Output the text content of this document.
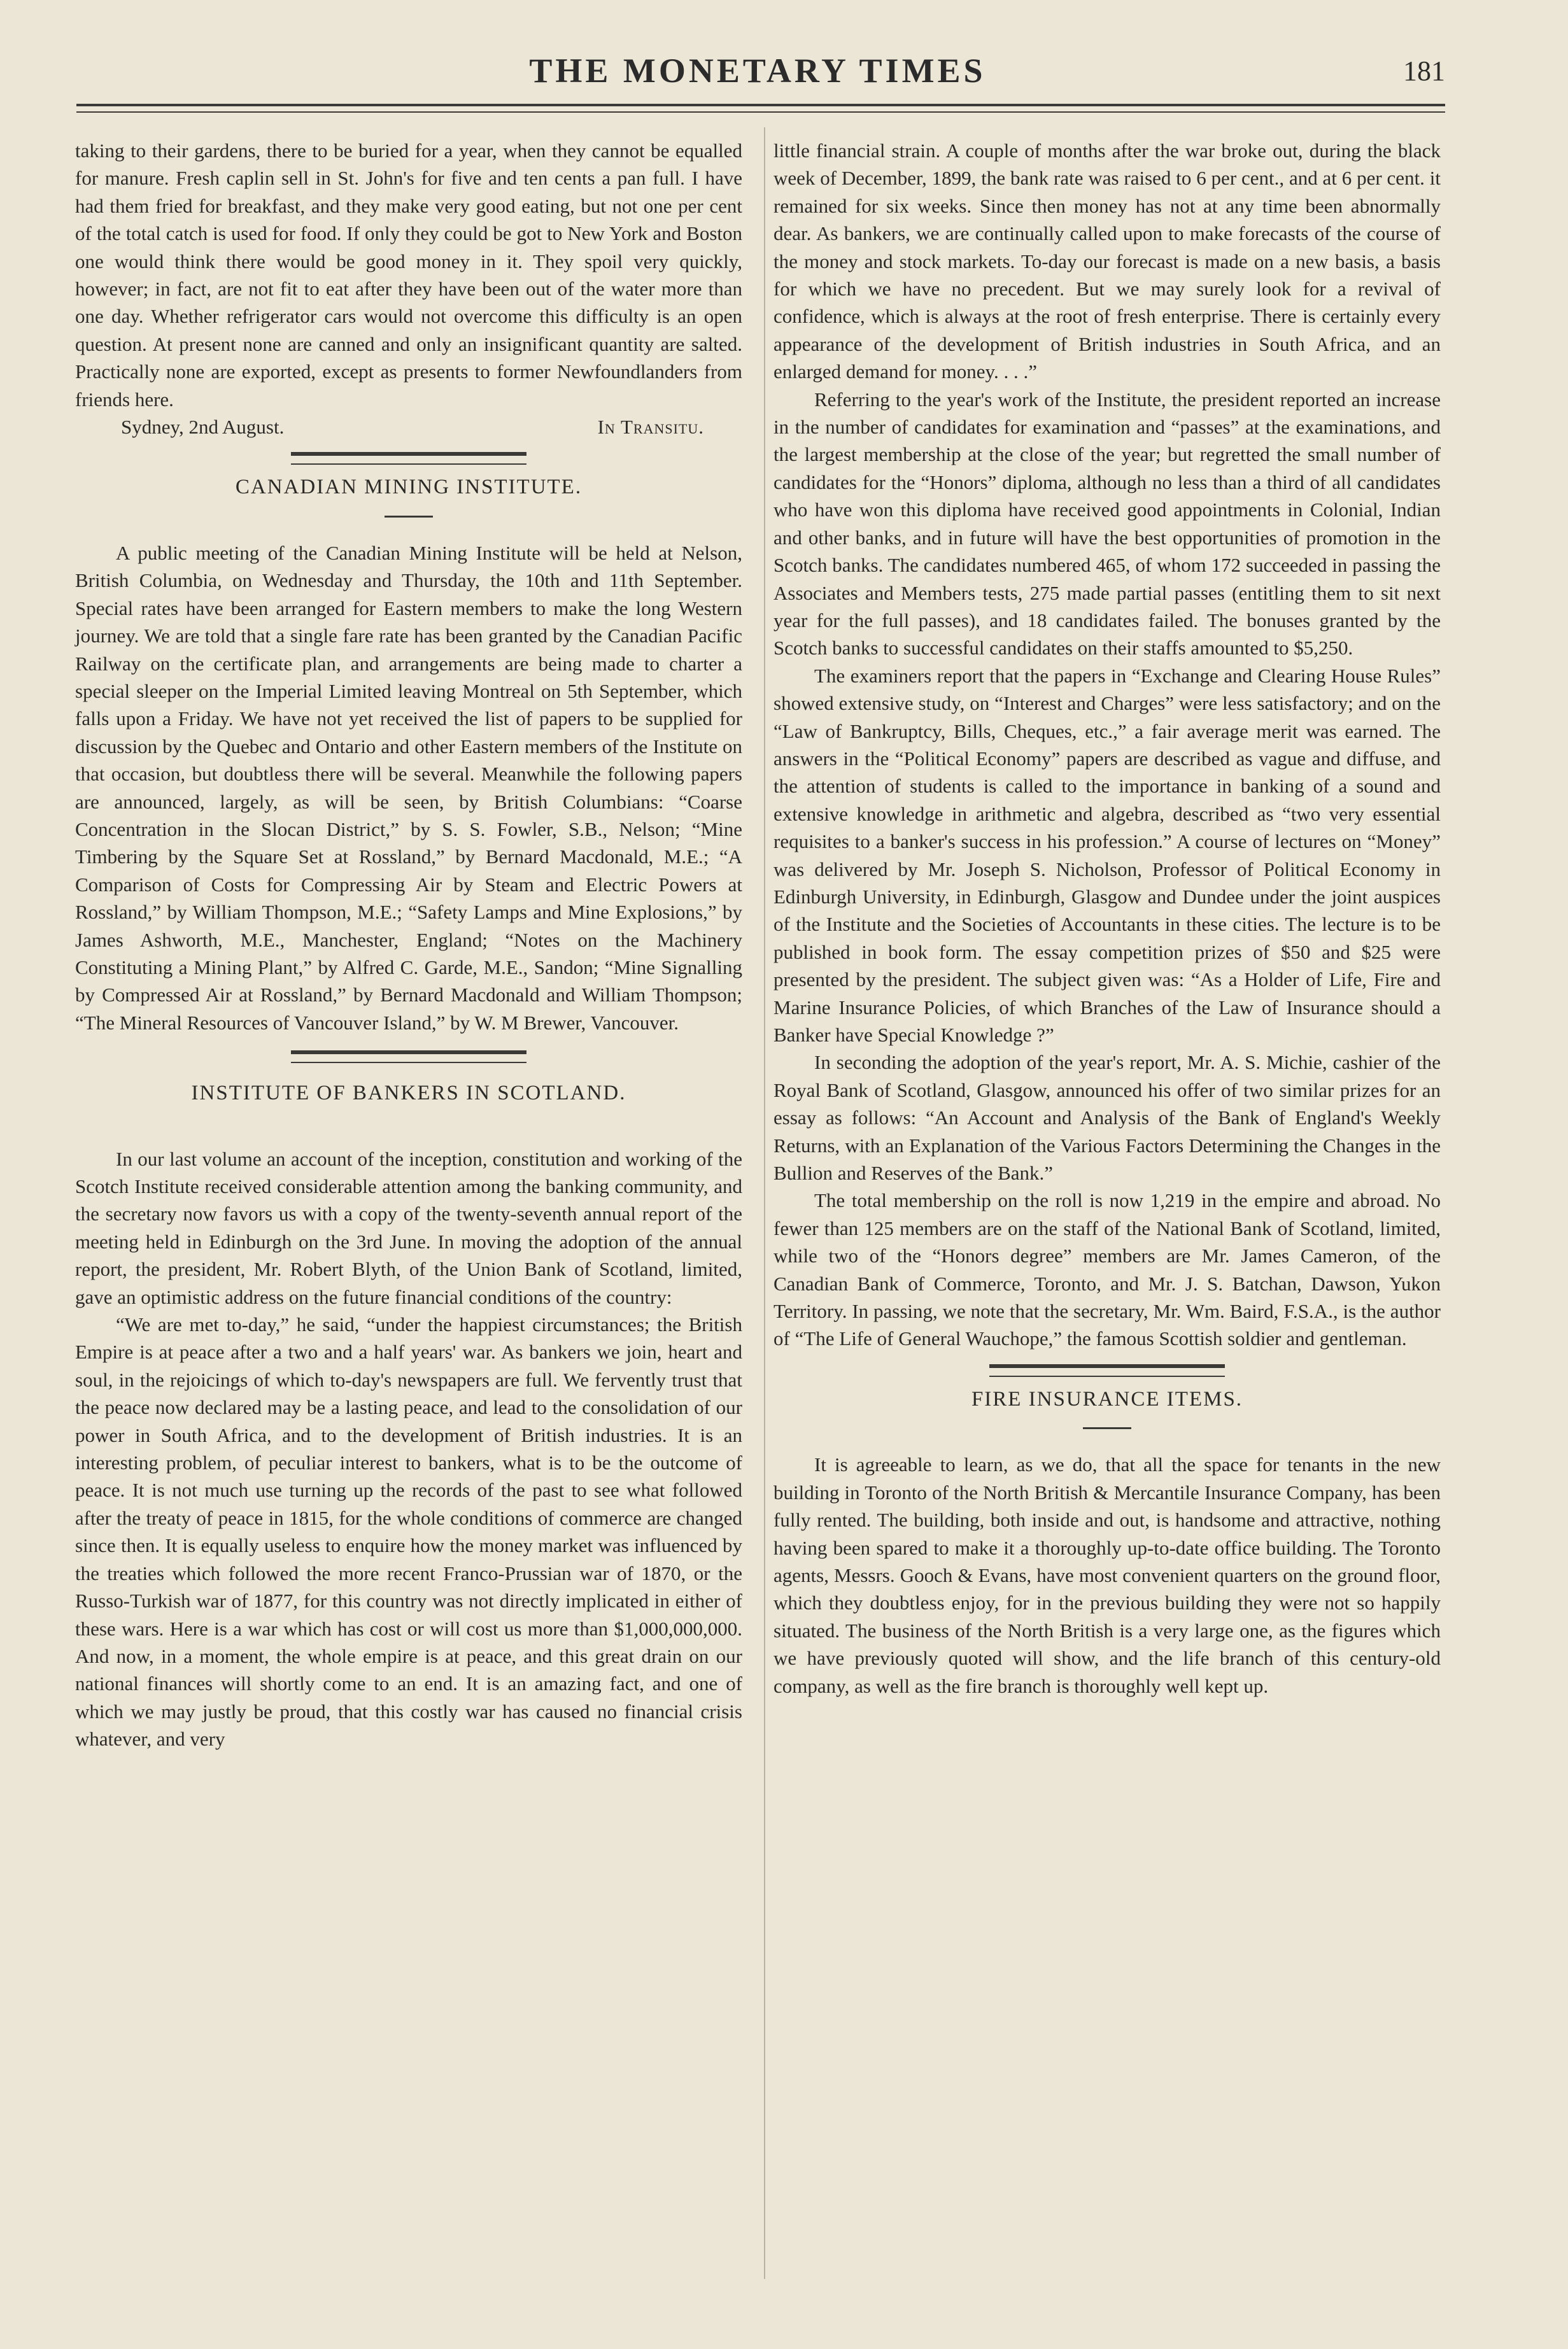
THE MONETARY TIMES	181

taking to their gardens, there to be buried for a year, when they cannot be equalled for manure. Fresh caplin sell in St. John's for five and ten cents a pan full. I have had them fried for breakfast, and they make very good eating, but not one per cent of the total catch is used for food. If only they could be got to New York and Boston one would think there would be good money in it. They spoil very quickly, however; in fact, are not fit to eat after they have been out of the water more than one day. Whether refrigerator cars would not overcome this difficulty is an open question. At present none are canned and only an insignificant quantity are salted. Practically none are exported, except as presents to former Newfoundlanders from friends here.

Sydney, 2nd August.	In Transitu.
CANADIAN MINING INSTITUTE.

A public meeting of the Canadian Mining Institute will be held at Nelson, British Columbia, on Wednesday and Thursday, the 10th and 11th September. Special rates have been arranged for Eastern members to make the long Western journey. We are told that a single fare rate has been granted by the Canadian Pacific Railway on the certificate plan, and arrangements are being made to charter a special sleeper on the Imperial Limited leaving Montreal on 5th September, which falls upon a Friday. We have not yet received the list of papers to be supplied for discussion by the Quebec and Ontario and other Eastern members of the Institute on that occasion, but doubtless there will be several. Meanwhile the following papers are announced, largely, as will be seen, by British Columbians: “Coarse Concentration in the Slocan District,” by S. S. Fowler, S.B., Nelson; “Mine Timbering by the Square Set at Rossland,” by Bernard Macdonald, M.E.; “A Comparison of Costs for Compressing Air by Steam and Electric Powers at Rossland,” by William Thompson, M.E.; “Safety Lamps and Mine Explosions,” by James Ashworth, M.E., Manchester, England; “Notes on the Machinery Constituting a Mining Plant,” by Alfred C. Garde, M.E., Sandon; “Mine Signalling by Compressed Air at Rossland,” by Bernard Macdonald and William Thompson; “The Mineral Resources of Vancouver Island,” by W. M Brewer, Vancouver.

INSTITUTE OF BANKERS IN SCOTLAND.

In our last volume an account of the inception, constitution and working of the Scotch Institute received considerable attention among the banking community, and the secretary now favors us with a copy of the twenty-seventh annual report of the meeting held in Edinburgh on the 3rd June. In moving the adoption of the annual report, the president, Mr. Robert Blyth, of the Union Bank of Scotland, limited, gave an optimistic address on the future financial conditions of the country:

“We are met to-day,” he said, “under the happiest circumstances; the British Empire is at peace after a two and a half years' war. As bankers we join, heart and soul, in the rejoicings of which to-day's newspapers are full. We fervently trust that the peace now declared may be a lasting peace, and lead to the consolidation of our power in South Africa, and to the development of British industries. It is an interesting problem, of peculiar interest to bankers, what is to be the outcome of peace. It is not much use turning up the records of the past to see what followed after the treaty of peace in 1815, for the whole conditions of commerce are changed since then. It is equally useless to enquire how the money market was influenced by the treaties which followed the more recent Franco-Prussian war of 1870, or the Russo-Turkish war of 1877, for this country was not directly implicated in either of these wars. Here is a war which has cost or will cost us more than $1,000,000,000. And now, in a moment, the whole empire is at peace, and this great drain on our national finances will shortly come to an end. It is an amazing fact, and one of which we may justly be proud, that this costly war has caused no financial crisis whatever, and very

little financial strain. A couple of months after the war broke out, during the black week of December, 1899, the bank rate was raised to 6 per cent., and at 6 per cent. it remained for six weeks. Since then money has not at any time been abnormally dear. As bankers, we are continually called upon to make forecasts of the course of the money and stock markets. To-day our forecast is made on a new basis, a basis for which we have no precedent. But we may surely look for a revival of confidence, which is always at the root of fresh enterprise. There is certainly every appearance of the development of British industries in South Africa, and an enlarged demand for money. . . .”

Referring to the year's work of the Institute, the president reported an increase in the number of candidates for examination and “passes” at the examinations, and the largest membership at the close of the year; but regretted the small number of candidates for the “Honors” diploma, although no less than a third of all candidates who have won this diploma have received good appointments in Colonial, Indian and other banks, and in future will have the best opportunities of promotion in the Scotch banks. The candidates numbered 465, of whom 172 succeeded in passing the Associates and Members tests, 275 made partial passes (entitling them to sit next year for the full passes), and 18 candidates failed. The bonuses granted by the Scotch banks to successful candidates on their staffs amounted to $5,250.

The examiners report that the papers in “Exchange and Clearing House Rules” showed extensive study, on “Interest and Charges” were less satisfactory; and on the “Law of Bankruptcy, Bills, Cheques, etc.,” a fair average merit was earned. The answers in the “Political Economy” papers are described as vague and diffuse, and the attention of students is called to the importance in banking of a sound and extensive knowledge in arithmetic and algebra, described as “two very essential requisites to a banker's success in his profession.” A course of lectures on “Money” was delivered by Mr. Joseph S. Nicholson, Professor of Political Economy in Edinburgh University, in Edinburgh, Glasgow and Dundee under the joint auspices of the Institute and the Societies of Accountants in these cities. The lecture is to be published in book form. The essay competition prizes of $50 and $25 were presented by the president. The subject given was: “As a Holder of Life, Fire and Marine Insurance Policies, of which Branches of the Law of Insurance should a Banker have Special Knowledge ?”

In seconding the adoption of the year's report, Mr. A. S. Michie, cashier of the Royal Bank of Scotland, Glasgow, announced his offer of two similar prizes for an essay as follows: “An Account and Analysis of the Bank of England's Weekly Returns, with an Explanation of the Various Factors Determining the Changes in the Bullion and Reserves of the Bank.”

The total membership on the roll is now 1,219 in the empire and abroad. No fewer than 125 members are on the staff of the National Bank of Scotland, limited, while two of the “Honors degree” members are Mr. James Cameron, of the Canadian Bank of Commerce, Toronto, and Mr. J. S. Batchan, Dawson, Yukon Territory. In passing, we note that the secretary, Mr. Wm. Baird, F.S.A., is the author of “The Life of General Wauchope,” the famous Scottish soldier and gentleman.

FIRE INSURANCE ITEMS.

It is agreeable to learn, as we do, that all the space for tenants in the new building in Toronto of the North British & Mercantile Insurance Company, has been fully rented. The building, both inside and out, is handsome and attractive, nothing having been spared to make it a thoroughly up-to-date office building. The Toronto agents, Messrs. Gooch & Evans, have most convenient quarters on the ground floor, which they doubtless enjoy, for in the previous building they were not so happily situated. The business of the North British is a very large one, as the figures which we have previously quoted will show, and the life branch of this century-old company, as well as the fire branch is thoroughly well kept up.
